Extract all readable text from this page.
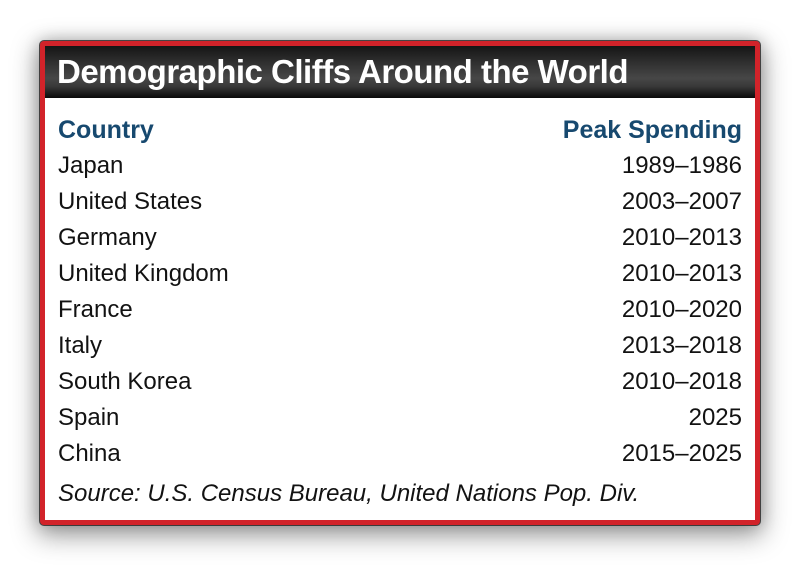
Demographic Cliffs Around the World
Country	Peak Spending
Japan	1989–1986
United States	2003–2007
Germany	2010–2013
United Kingdom	2010–2013
France	2010–2020
Italy	2013–2018
South Korea	2010–2018
Spain	2025
China	2015–2025
Source: U.S. Census Bureau, United Nations Pop. Div.
